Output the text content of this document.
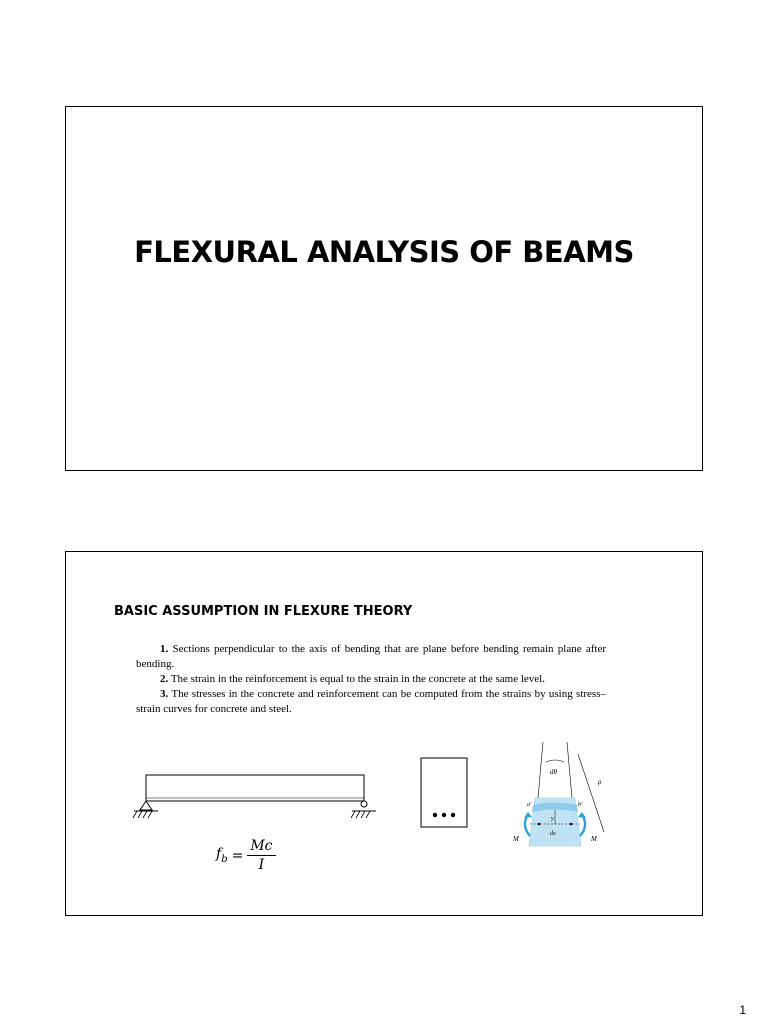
FLEXURAL ANALYSIS OF BEAMS
BASIC ASSUMPTION IN FLEXURE THEORY

1. Sections perpendicular to the axis of bending that are plane before bending remain plane after bending.

2. The strain in the reinforcement is equal to the strain in the concrete at the same level.

3. The stresses in the concrete and reinforcement can be computed from the strains by using stress–strain curves for concrete and steel.

dθ
ρ
a′	b′
y
dx
M	M
$f_b = \frac{Mc}{I}$
1
